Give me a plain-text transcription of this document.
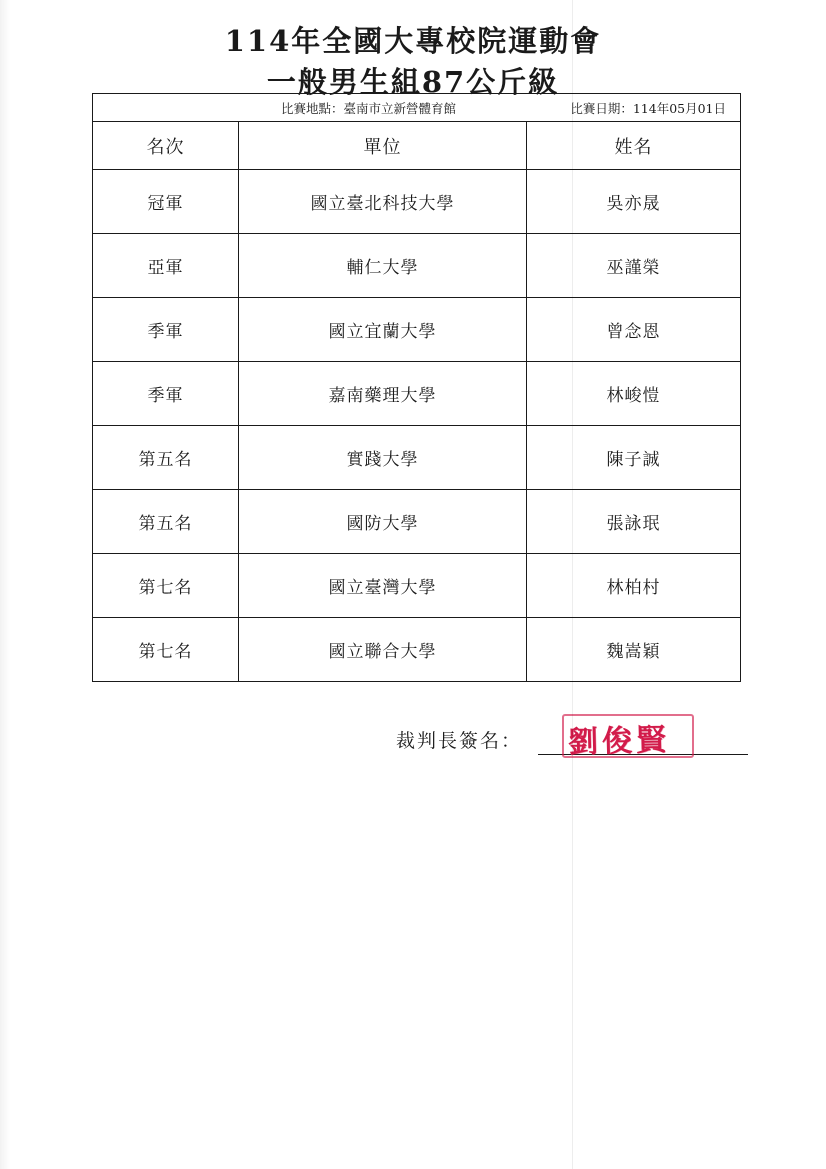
114年全國大專校院運動會
一般男生組87公斤級
比賽地點：臺南市立新營體育館 比賽日期：114年05月01日		

名次	單位	姓名
冠軍	國立臺北科技大學	吳亦晟
亞軍	輔仁大學	巫謹榮
季軍	國立宜蘭大學	曾念恩
季軍	嘉南藥理大學	林峻愷
第五名	實踐大學	陳子誠
第五名	國防大學	張詠珉
第七名	國立臺灣大學	林柏村
第七名	國立聯合大學	魏嵩穎
裁判長簽名： 劉俊賢
